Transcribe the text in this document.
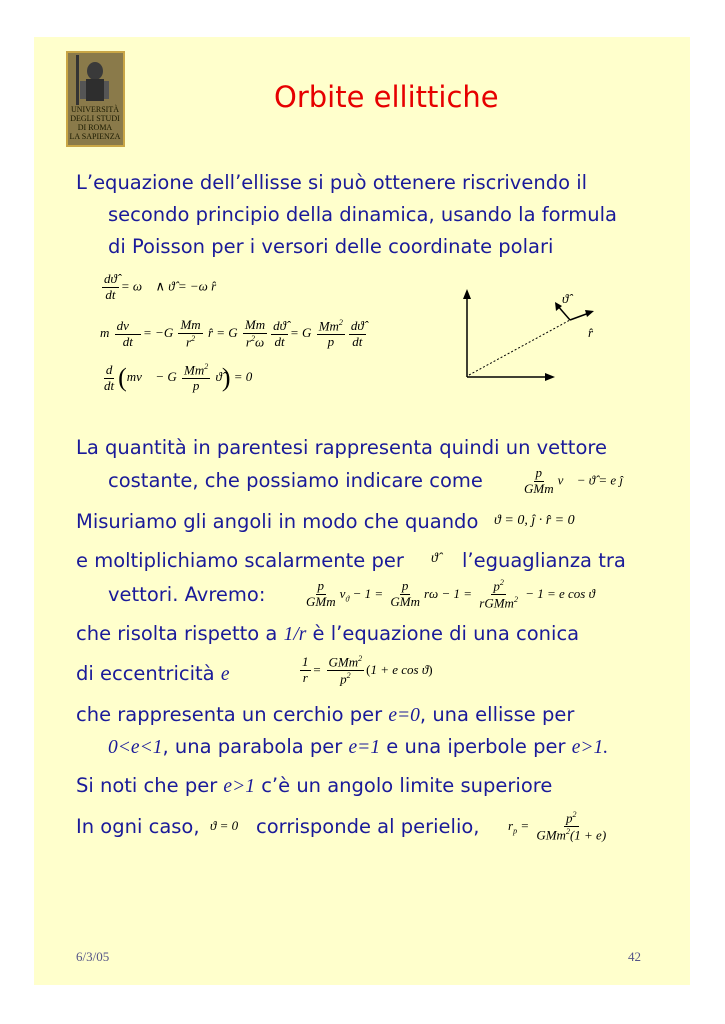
UNIVERSITÀ
DEGLI STUDI
DI ROMA
LA SAPIENZA
Orbite ellittiche
L’equazione dell’ellisse si può ottenere riscrivendo il
secondo principio della dinamica, usando la formula
di Poisson per i versori delle coordinate polari
$\frac{dϑ̂}{dt}$ = ω⃗ ∧ ϑ̂ = −ω r̂
m $\frac{dv⃗}{dt} = -G \frac{Mm}{r^2}$ r̂ = G $\frac{Mm}{r^2\omega} \frac{dϑ̂}{dt} = G \frac{Mm^2}{p} \frac{dϑ̂}{dt}$
$\frac{d}{dt}$ (mv⃗ − G $\frac{Mm^2}{p}$ ϑ̂) = 0
ϑ̂
r̂
La quantità in parentesi rappresenta quindi un vettore
costante, che possiamo indicare come	$\frac{p}{\text{GMm}}$ v⃗ − ϑ̂ = e ĵ
Misuriamo gli angoli in modo che quando ϑ = 0, ĵ · r̂ = 0
e moltiplichiamo scalarmente per ϑ̂ l’eguaglianza tra
vettori. Avremo:	$\frac{p}{\text{GMm}} v_ϑ - 1 = \frac{p}{\text{GMm}}$ $r\omega - 1 = \frac{p^2}{rGMm^2} - 1 = e$ cos ϑ
che risolta rispetto a 1/r è l’equazione di una conica
di eccentricità e	$\frac{1}{r} = \frac{GMm^2}{p^2} (1 + e$ cos ϑ)
che rappresenta un cerchio per e=0, una ellisse per
0<e<1, una parabola per e=1 e una iperbole per e>1.
Si noti che per e>1 c’è un angolo limite superiore
In ogni caso, ϑ = 0 corrisponde al perielio, $r_p = \frac{p^2}{GMm^2(1 + e)}$
6/3/05	42
